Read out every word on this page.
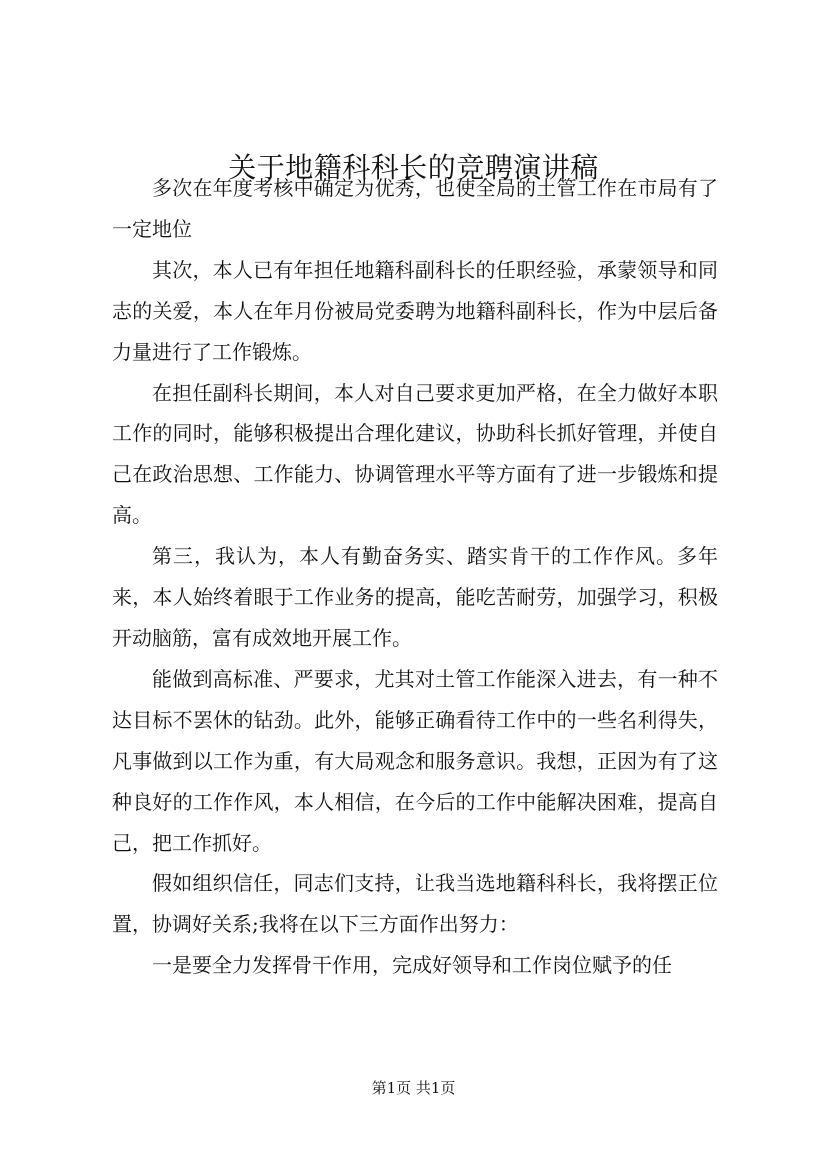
关于地籍科科长的竞聘演讲稿

多次在年度考核中确定为优秀，也使全局的土管工作在市局有了一定地位

其次，本人已有年担任地籍科副科长的任职经验，承蒙领导和同志的关爱，本人在年月份被局党委聘为地籍科副科长，作为中层后备力量进行了工作锻炼。

在担任副科长期间，本人对自己要求更加严格，在全力做好本职工作的同时，能够积极提出合理化建议，协助科长抓好管理，并使自己在政治思想、工作能力、协调管理水平等方面有了进一步锻炼和提高。

第三，我认为，本人有勤奋务实、踏实肯干的工作作风。多年来，本人始终着眼于工作业务的提高，能吃苦耐劳，加强学习，积极开动脑筋，富有成效地开展工作。

能做到高标准、严要求，尤其对土管工作能深入进去，有一种不达目标不罢休的钻劲。此外，能够正确看待工作中的一些名利得失，凡事做到以工作为重，有大局观念和服务意识。我想，正因为有了这种良好的工作作风，本人相信，在今后的工作中能解决困难，提高自己，把工作抓好。

假如组织信任，同志们支持，让我当选地籍科科长，我将摆正位置，协调好关系;我将在以下三方面作出努力：

一是要全力发挥骨干作用，完成好领导和工作岗位赋予的任

第1页 共1页
